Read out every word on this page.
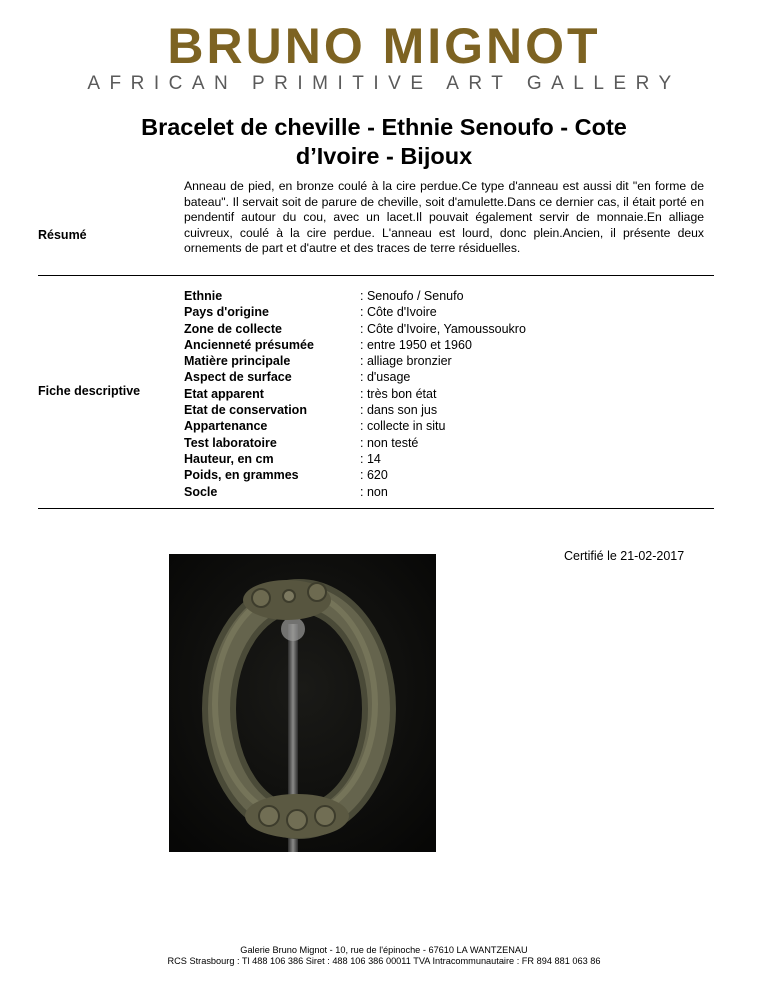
BRUNO MIGNOT
AFRICAN PRIMITIVE ART GALLERY
Bracelet de cheville - Ethnie Senoufo - Cote
d’Ivoire - Bijoux
Résumé
Anneau de pied, en bronze coulé à la cire perdue.Ce type d'anneau est aussi dit "en forme de bateau". Il servait soit de parure de cheville, soit d'amulette.Dans ce dernier cas, il était porté en pendentif autour du cou, avec un lacet.Il pouvait également servir de monnaie.En alliage cuivreux, coulé à la cire perdue. L'anneau est lourd, donc plein.Ancien, il présente deux ornements de part et d'autre et des traces de terre résiduelles.
Fiche descriptive
Ethnie	: Senoufo / Senufo
Pays d'origine	: Côte d'Ivoire
Zone de collecte	: Côte d'Ivoire, Yamoussoukro
Ancienneté présumée	: entre 1950 et 1960
Matière principale	: alliage bronzier
Aspect de surface	: d'usage
Etat apparent	: très bon état
Etat de conservation	: dans son jus
Appartenance	: collecte in situ
Test laboratoire	: non testé
Hauteur, en cm	: 14
Poids, en grammes	: 620
Socle	: non
Certifié le 21-02-2017
Galerie Bruno Mignot - 10, rue de l'épinoche - 67610 LA WANTZENAU
RCS Strasbourg : Tl 488 106 386 Siret : 488 106 386 00011 TVA Intracommunautaire : FR 894 881 063 86
